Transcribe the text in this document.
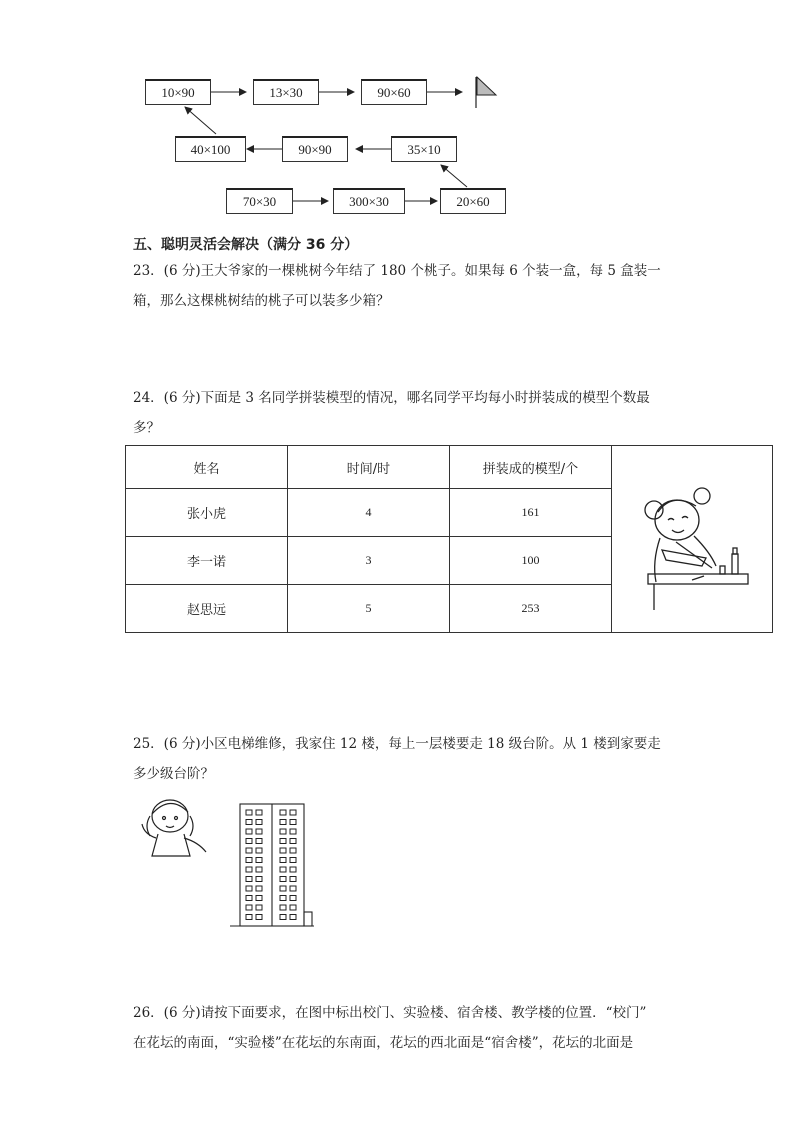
10×90	13×30	90×60
40×100	90×90	35×10
70×30	300×30	20×60
五、聪明灵活会解决（满分 36 分）

23．(6 分)王大爷家的一棵桃树今年结了 180 个桃子。如果每 6 个装一盒，每 5 盒装一

箱，那么这棵桃树结的桃子可以装多少箱？

24．(6 分)下面是 3 名同学拼装模型的情况，哪名同学平均每小时拼装成的模型个数最

多？

姓名	时间/时	拼装成的模型/个	
张小虎	4	161	
李一诺	3	100	
赵思远	5	253	

25．(6 分)小区电梯维修，我家住 12 楼，每上一层楼要走 18 级台阶。从 1 楼到家要走

多少级台阶？

26．(6 分)请按下面要求，在图中标出校门、实验楼、宿舍楼、教学楼的位置．“校门”

在花坛的南面，“实验楼”在花坛的东南面，花坛的西北面是“宿舍楼”，花坛的北面是
